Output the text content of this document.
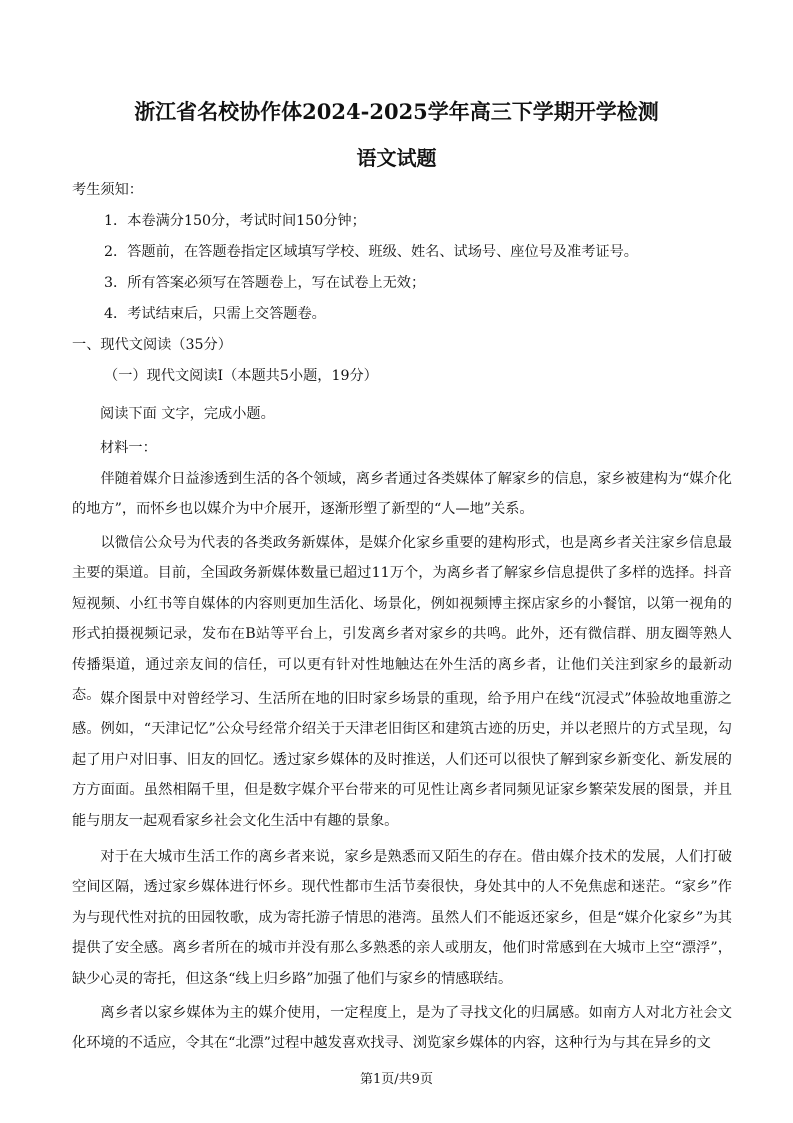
浙江省名校协作体2024-2025学年高三下学期开学检测
语文试题
考生须知：
1．本卷满分150分，考试时间150分钟；
2．答题前，在答题卷指定区域填写学校、班级、姓名、试场号、座位号及准考证号。
3．所有答案必须写在答题卷上，写在试卷上无效；
4．考试结束后，只需上交答题卷。
一、现代文阅读（35分）
（一）现代文阅读Ⅰ（本题共5小题，19分）
阅读下面 文字，完成小题。
材料一：

伴随着媒介日益渗透到生活的各个领域，离乡者通过各类媒体了解家乡的信息，家乡被建构为“媒介化的地方”，而怀乡也以媒介为中介展开，逐渐形塑了新型的“人—地”关系。

以微信公众号为代表的各类政务新媒体，是媒介化家乡重要的建构形式，也是离乡者关注家乡信息最主要的渠道。目前，全国政务新媒体数量已超过11万个，为离乡者了解家乡信息提供了多样的选择。抖音短视频、小红书等自媒体的内容则更加生活化、场景化，例如视频博主探店家乡的小餐馆，以第一视角的形式拍摄视频记录，发布在B站等平台上，引发离乡者对家乡的共鸣。此外，还有微信群、朋友圈等熟人传播渠道，通过亲友间的信任，可以更有针对性地触达在外生活的离乡者，让他们关注到家乡的最新动态。 媒介图景中对曾经学习、生活所在地的旧时家乡场景的重现，给予用户在线“沉浸式”体验故地重游之感。例如，“天津记忆”公众号经常介绍关于天津老旧街区和建筑古迹的历史，并以老照片的方式呈现，勾起了用户对旧事、旧友的回忆。透过家乡媒体的及时推送，人们还可以很快了解到家乡新变化、新发展的方方面面。虽然相隔千里，但是数字媒介平台带来的可见性让离乡者同频见证家乡繁荣发展的图景，并且能与朋友一起观看家乡社会文化生活中有趣的景象。

对于在大城市生活工作的离乡者来说，家乡是熟悉而又陌生的存在。借由媒介技术的发展，人们打破空间区隔，透过家乡媒体进行怀乡。现代性都市生活节奏很快，身处其中的人不免焦虑和迷茫。“家乡”作为与现代性对抗的田园牧歌，成为寄托游子情思的港湾。虽然人们不能返还家乡，但是“媒介化家乡”为其提供了安全感。离乡者所在的城市并没有那么多熟悉的亲人或朋友，他们时常感到在大城市上空“漂浮”，缺少心灵的寄托，但这条“线上归乡路”加强了他们与家乡的情感联结。

离乡者以家乡媒体为主的媒介使用，一定程度上，是为了寻找文化的归属感。如南方人对北方社会文化环境的不适应，令其在“北漂”过程中越发喜欢找寻、浏览家乡媒体的内容，这种行为与其在异乡的文

第1页/共9页
